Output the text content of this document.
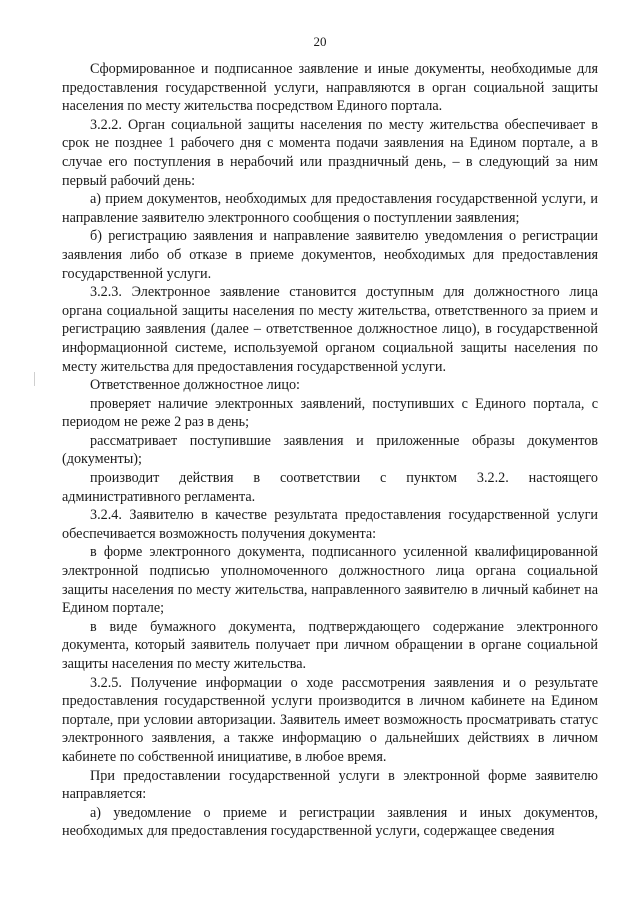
20

Сформированное и подписанное заявление и иные документы, необходимые для предоставления государственной услуги, направляются в орган социальной защиты населения по месту жительства посредством Единого портала.

3.2.2. Орган социальной защиты населения по месту жительства обеспечивает в срок не позднее 1 рабочего дня с момента подачи заявления на Едином портале, а в случае его поступления в нерабочий или праздничный день, – в следующий за ним первый рабочий день:

а) прием документов, необходимых для предоставления государственной услуги, и направление заявителю электронного сообщения о поступлении заявления;

б) регистрацию заявления и направление заявителю уведомления о регистрации заявления либо об отказе в приеме документов, необходимых для предоставления государственной услуги.

3.2.3. Электронное заявление становится доступным для должностного лица органа социальной защиты населения по месту жительства, ответственного за прием и регистрацию заявления (далее – ответственное должностное лицо), в государственной информационной системе, используемой органом социальной защиты населения по месту жительства для предоставления государственной услуги.

Ответственное должностное лицо:

проверяет наличие электронных заявлений, поступивших с Единого портала, с периодом не реже 2 раз в день;

рассматривает поступившие заявления и приложенные образы документов (документы);

производит действия в соответствии с пунктом 3.2.2. настоящего административного регламента.

3.2.4. Заявителю в качестве результата предоставления государственной услуги обеспечивается возможность получения документа:

в форме электронного документа, подписанного усиленной квалифицированной электронной подписью уполномоченного должностного лица органа социальной защиты населения по месту жительства, направленного заявителю в личный кабинет на Едином портале;

в виде бумажного документа, подтверждающего содержание электронного документа, который заявитель получает при личном обращении в органе социальной защиты населения по месту жительства.

3.2.5. Получение информации о ходе рассмотрения заявления и о результате предоставления государственной услуги производится в личном кабинете на Едином портале, при условии авторизации. Заявитель имеет возможность просматривать статус электронного заявления, а также информацию о дальнейших действиях в личном кабинете по собственной инициативе, в любое время.

При предоставлении государственной услуги в электронной форме заявителю направляется:

а) уведомление о приеме и регистрации заявления и иных документов, необходимых для предоставления государственной услуги, содержащее сведения
